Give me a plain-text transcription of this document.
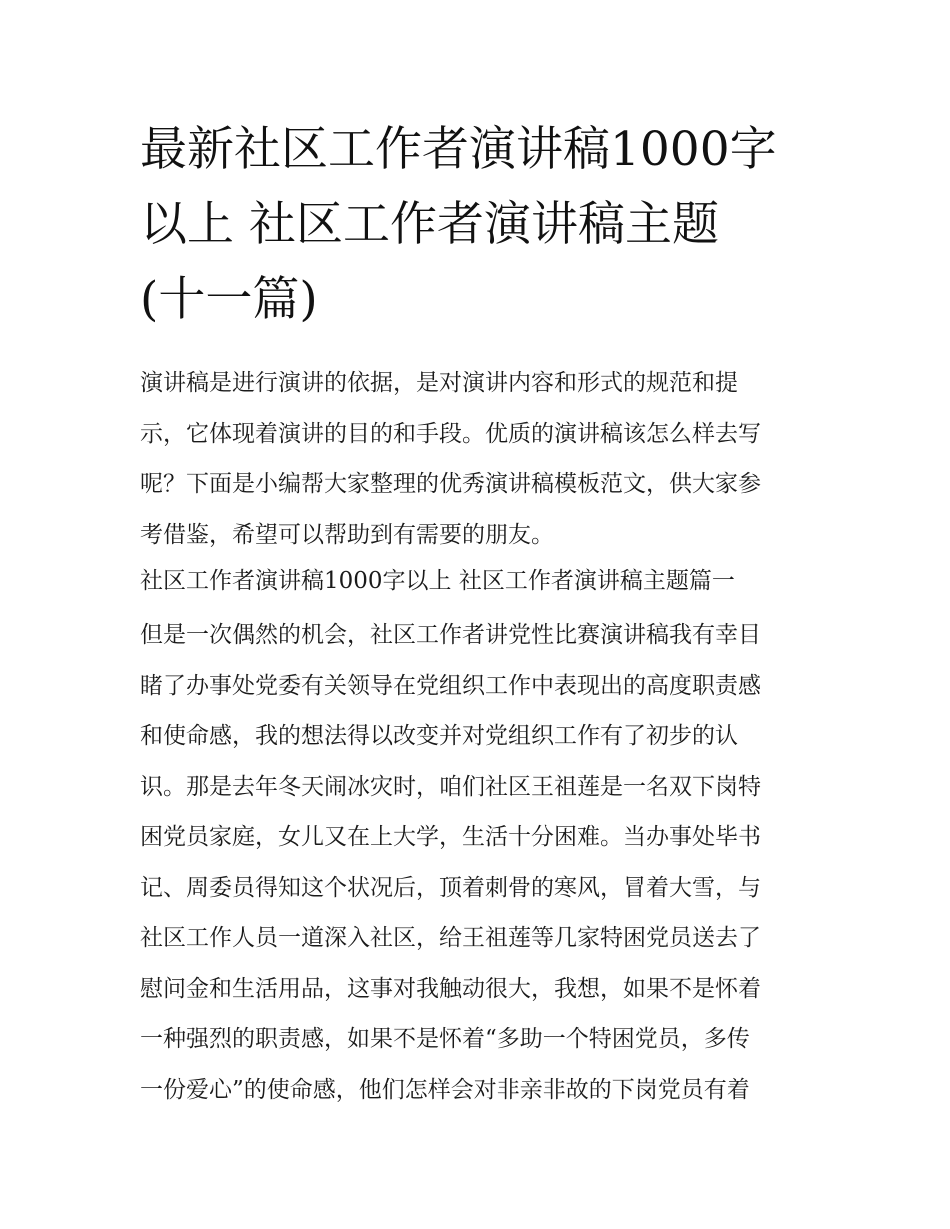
最新社区工作者演讲稿1000字
以上 社区工作者演讲稿主题
(十一篇)

演讲稿是进行演讲的依据，是对演讲内容和形式的规范和提
示，它体现着演讲的目的和手段。优质的演讲稿该怎么样去写
呢？下面是小编帮大家整理的优秀演讲稿模板范文，供大家参
考借鉴，希望可以帮助到有需要的朋友。

社区工作者演讲稿1000字以上 社区工作者演讲稿主题篇一

但是一次偶然的机会，社区工作者讲党性比赛演讲稿我有幸目
睹了办事处党委有关领导在党组织工作中表现出的高度职责感
和使命感，我的想法得以改变并对党组织工作有了初步的认
识。那是去年冬天闹冰灾时，咱们社区王祖莲是一名双下岗特
困党员家庭，女儿又在上大学，生活十分困难。当办事处毕书
记、周委员得知这个状况后，顶着刺骨的寒风，冒着大雪，与
社区工作人员一道深入社区，给王祖莲等几家特困党员送去了
慰问金和生活用品，这事对我触动很大，我想，如果不是怀着
一种强烈的职责感，如果不是怀着“多助一个特困党员，多传
一份爱心”的使命感，他们怎样会对非亲非故的下岗党员有着
